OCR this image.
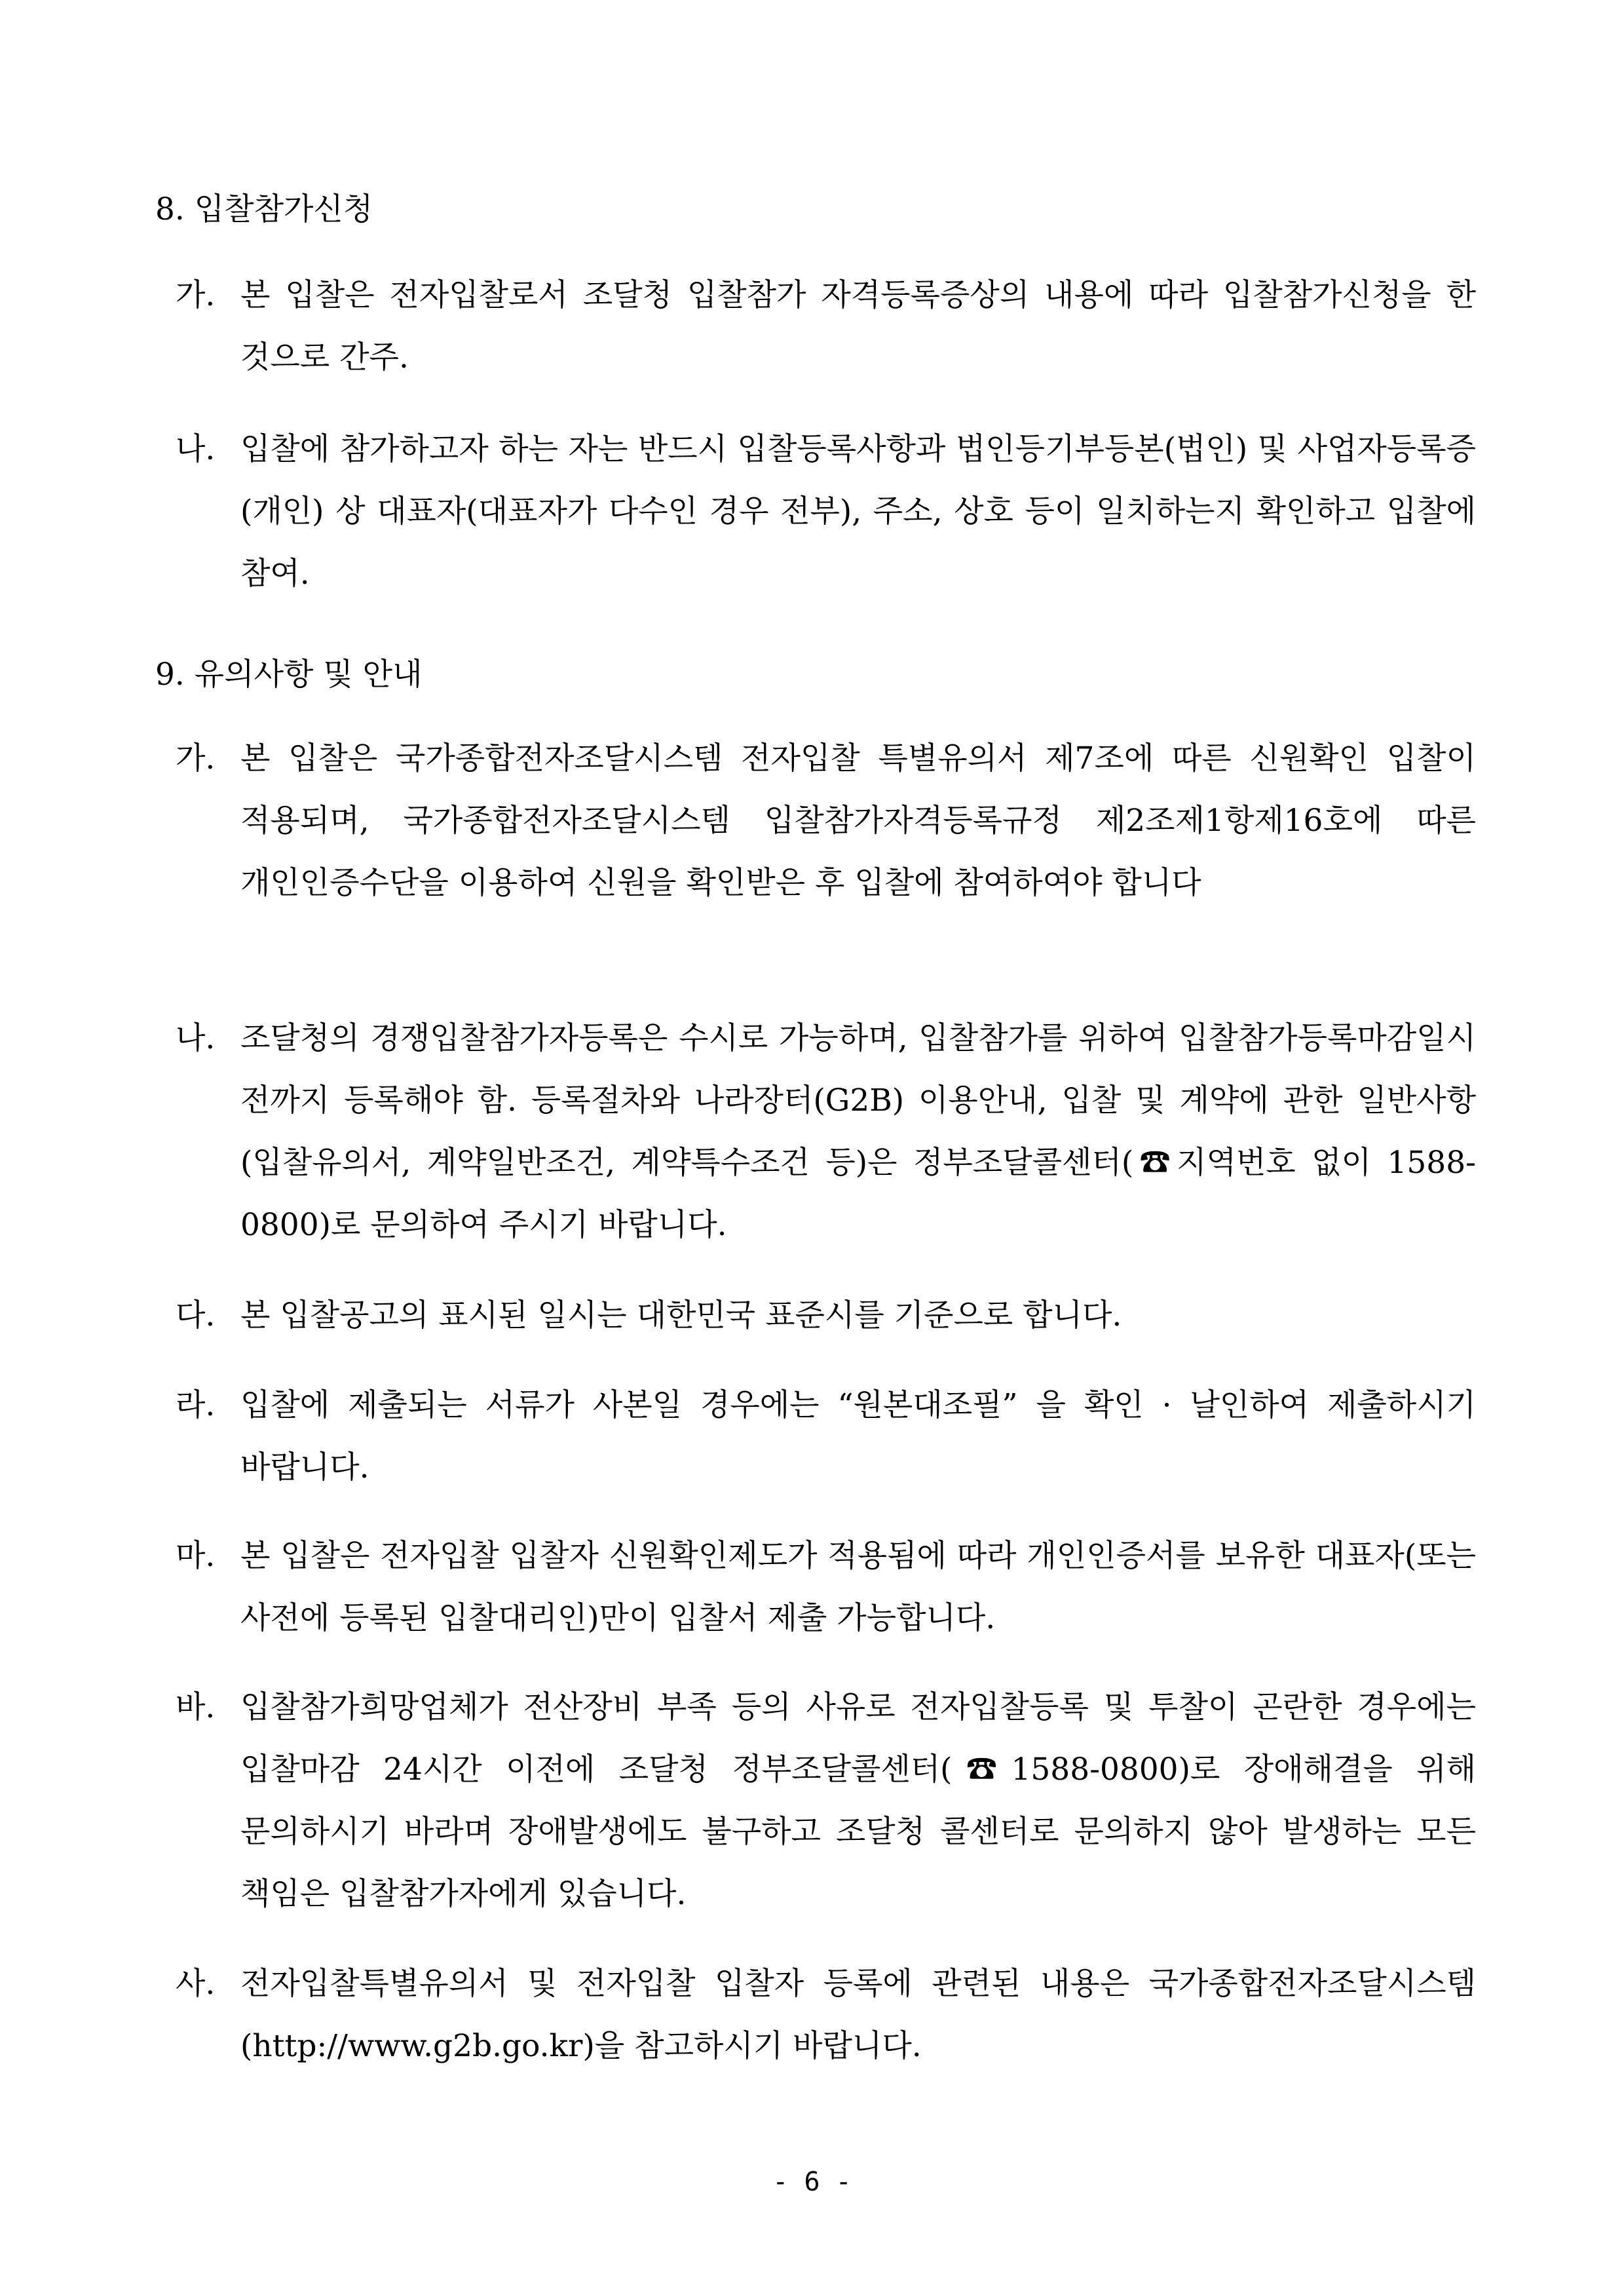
8. 입찰참가신청
가. 본 입찰은 전자입찰로서 조달청 입찰참가 자격등록증상의 내용에 따라 입찰참가신청을 한 것으로 간주.
나. 입찰에 참가하고자 하는 자는 반드시 입찰등록사항과 법인등기부등본(법인) 및 사업자등록증(개인) 상 대표자(대표자가 다수인 경우 전부), 주소, 상호 등이 일치하는지 확인하고 입찰에 참여.
9. 유의사항 및 안내
가. 본 입찰은 국가종합전자조달시스템 전자입찰 특별유의서 제7조에 따른 신원확인 입찰이 적용되며, 국가종합전자조달시스템 입찰참가자격등록규정 제2조제1항제16호에 따른 개인인증수단을 이용하여 신원을 확인받은 후 입찰에 참여하여야 합니다
나. 조달청의 경쟁입찰참가자등록은 수시로 가능하며, 입찰참가를 위하여 입찰참가등록마감일시 전까지 등록해야 함. 등록절차와 나라장터(G2B) 이용안내, 입찰 및 계약에 관한 일반사항(입찰유의서, 계약일반조건, 계약특수조건 등)은 정부조달콜센터(☎지역번호 없이 1588-0800)로 문의하여 주시기 바랍니다.
다. 본 입찰공고의 표시된 일시는 대한민국 표준시를 기준으로 합니다.
라. 입찰에 제출되는 서류가 사본일 경우에는 “원본대조필” 을 확인 · 날인하여 제출하시기 바랍니다.
마. 본 입찰은 전자입찰 입찰자 신원확인제도가 적용됨에 따라 개인인증서를 보유한 대표자(또는 사전에 등록된 입찰대리인)만이 입찰서 제출 가능합니다.
바. 입찰참가희망업체가 전산장비 부족 등의 사유로 전자입찰등록 및 투찰이 곤란한 경우에는 입찰마감 24시간 이전에 조달청 정부조달콜센터(☎1588-0800)로 장애해결을 위해 문의하시기 바라며 장애발생에도 불구하고 조달청 콜센터로 문의하지 않아 발생하는 모든 책임은 입찰참가자에게 있습니다.
사. 전자입찰특별유의서 및 전자입찰 입찰자 등록에 관련된 내용은 국가종합전자조달시스템(http://www.g2b.go.kr)을 참고하시기 바랍니다.
- 6 -
